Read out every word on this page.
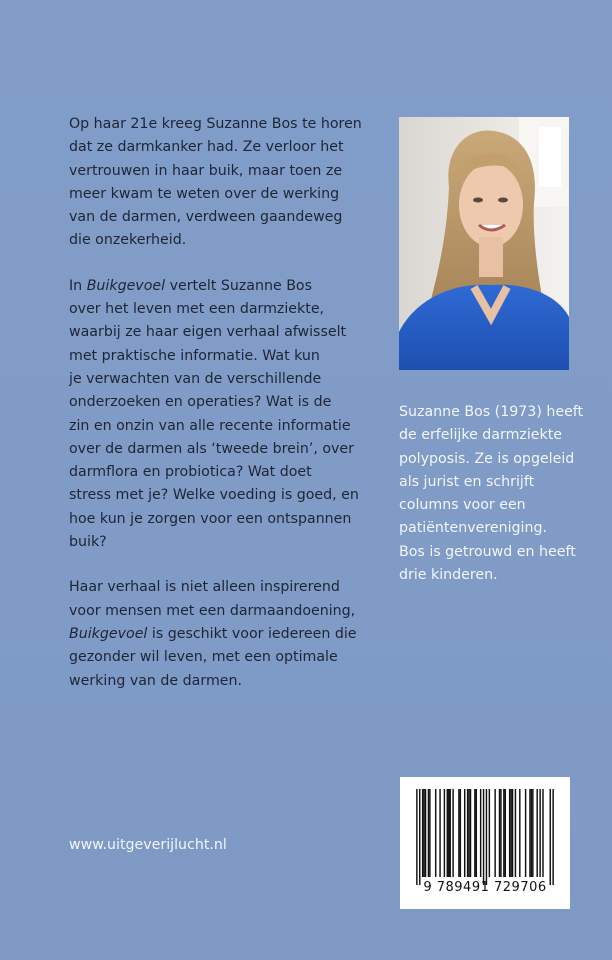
Op haar 21e kreeg Suzanne Bos te horen
dat ze darmkanker had. Ze verloor het
vertrouwen in haar buik, maar toen ze
meer kwam te weten over de werking
van de darmen, verdween gaandeweg
die onzekerheid.

In Buikgevoel vertelt Suzanne Bos
over het leven met een darmziekte,
waarbij ze haar eigen verhaal afwisselt
met praktische informatie. Wat kun
je verwachten van de verschillende
onderzoeken en operaties? Wat is de
zin en onzin van alle recente informatie
over de darmen als ‘tweede brein’, over
darmflora en probiotica? Wat doet
stress met je? Welke voeding is goed, en
hoe kun je zorgen voor een ontspannen
buik?

Haar verhaal is niet alleen inspirerend
voor mensen met een darmaandoening,
Buikgevoel is geschikt voor iedereen die
gezonder wil leven, met een optimale
werking van de darmen.

Suzanne Bos (1973) heeft
de erfelijke darmziekte
polyposis. Ze is opgeleid
als jurist en schrijft
columns voor een
patiëntenvereniging.
Bos is getrouwd en heeft
drie kinderen.
www.uitgeverijlucht.nl
9 789491 729706
